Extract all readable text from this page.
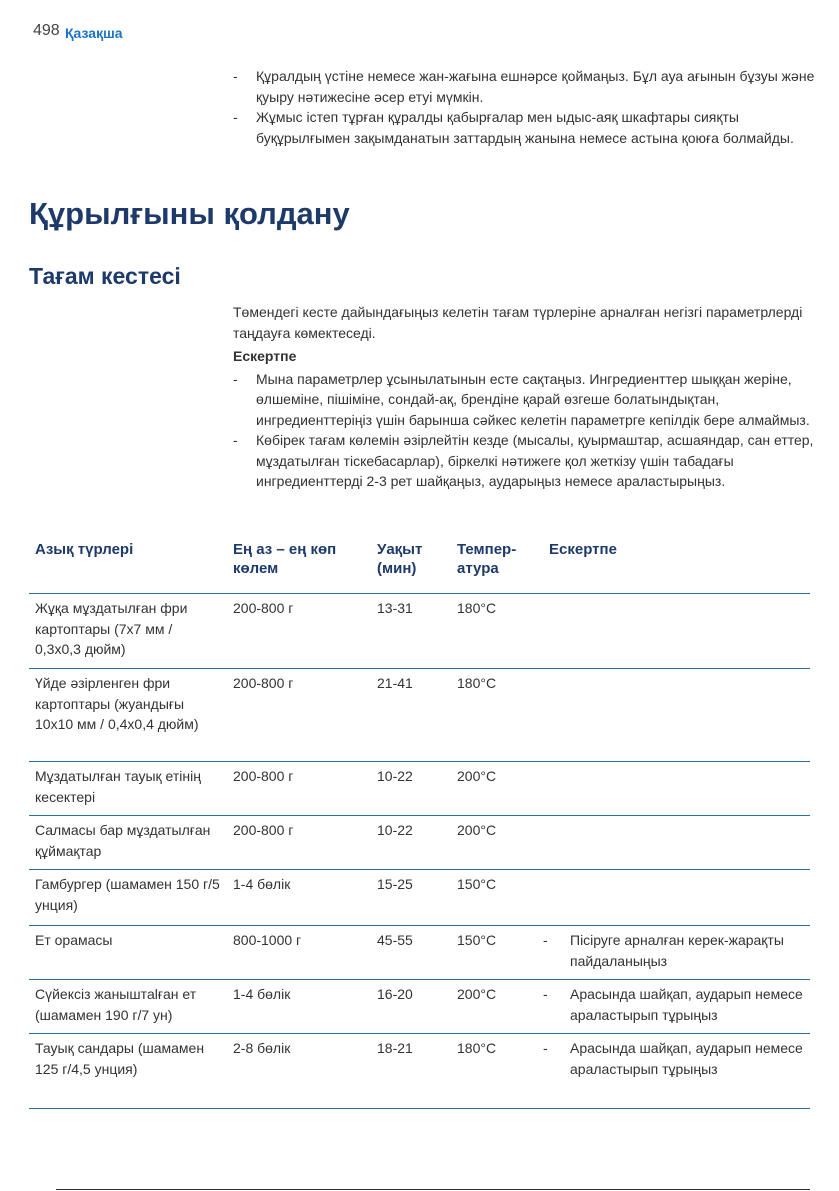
498 Қазақша
- Құралдың үстіне немесе жан-жағына ешнәрсе қоймаңыз. Бұл ауа ағынын бұзуы және қуыру нәтижесіне әсер етуі мүмкін.
- Жұмыс істеп тұрған құралды қабырғалар мен ыдыс-аяқ шкафтары сияқты буқұрылғымен зақымданатын заттардың жанына немесе астына қоюға болмайды.
Құрылғыны қолдану
Тағам кестесі
Төмендегі кесте дайындағыңыз келетін тағам түрлеріне арналған негізгі параметрлерді таңдауға көмектеседі.
Ескертпе
- Мына параметрлер ұсынылатынын есте сақтаңыз. Ингредиенттер шыққан жеріне, өлшеміне, пішіміне, сондай-ақ, брендіне қарай өзгеше болатындықтан, ингредиенттеріңіз үшін барынша сәйкес келетін параметрге кепілдік бере алмаймыз.
- Көбірек тағам көлемін әзірлейтін кезде (мысалы, қуырмаштар, асшаяндар, сан еттер, мұздатылған тіскебасарлар), біркелкі нәтижеге қол жеткізу үшін табадағы ингредиенттерді 2-3 рет шайқаңыз, аударыңыз немесе араластырыңыз.
Азық түрлері	Ең аз – ең көп көлем	Уақыт (мин)	Темпер-атура	Ескертпе
Жұқа мұздатылған фри картоптары (7x7 мм / 0,3x0,3 дюйм)	200-800 г	13-31	180°C	
Үйде әзірленген фри картоптары (жуандығы 10x10 мм / 0,4x0,4 дюйм)	200-800 г	21-41	180°C	
Мұздатылған тауық етінің кесектері	200-800 г	10-22	200°C	
Салмасы бар мұздатылған құймақтар	200-800 г	10-22	200°C	
Гамбургер (шамамен 150 г/5 унция)	1-4 бөлік	15-25	150°C	
Ет орамасы	800-1000 г	45-55	150°C	- Пісіруге арналған керек-жарақты пайдаланыңыз
Сүйексіз жаныштalған ет (шамамен 190 г/7 ун)	1-4 бөлік	16-20	200°C	- Арасында шайқап, аударып немесе араластырып тұрыңыз
Тауық сандары (шамамен 125 г/4,5 унция)	2-8 бөлік	18-21	180°C	- Арасында шайқап, аударып немесе араластырып тұрыңыз
